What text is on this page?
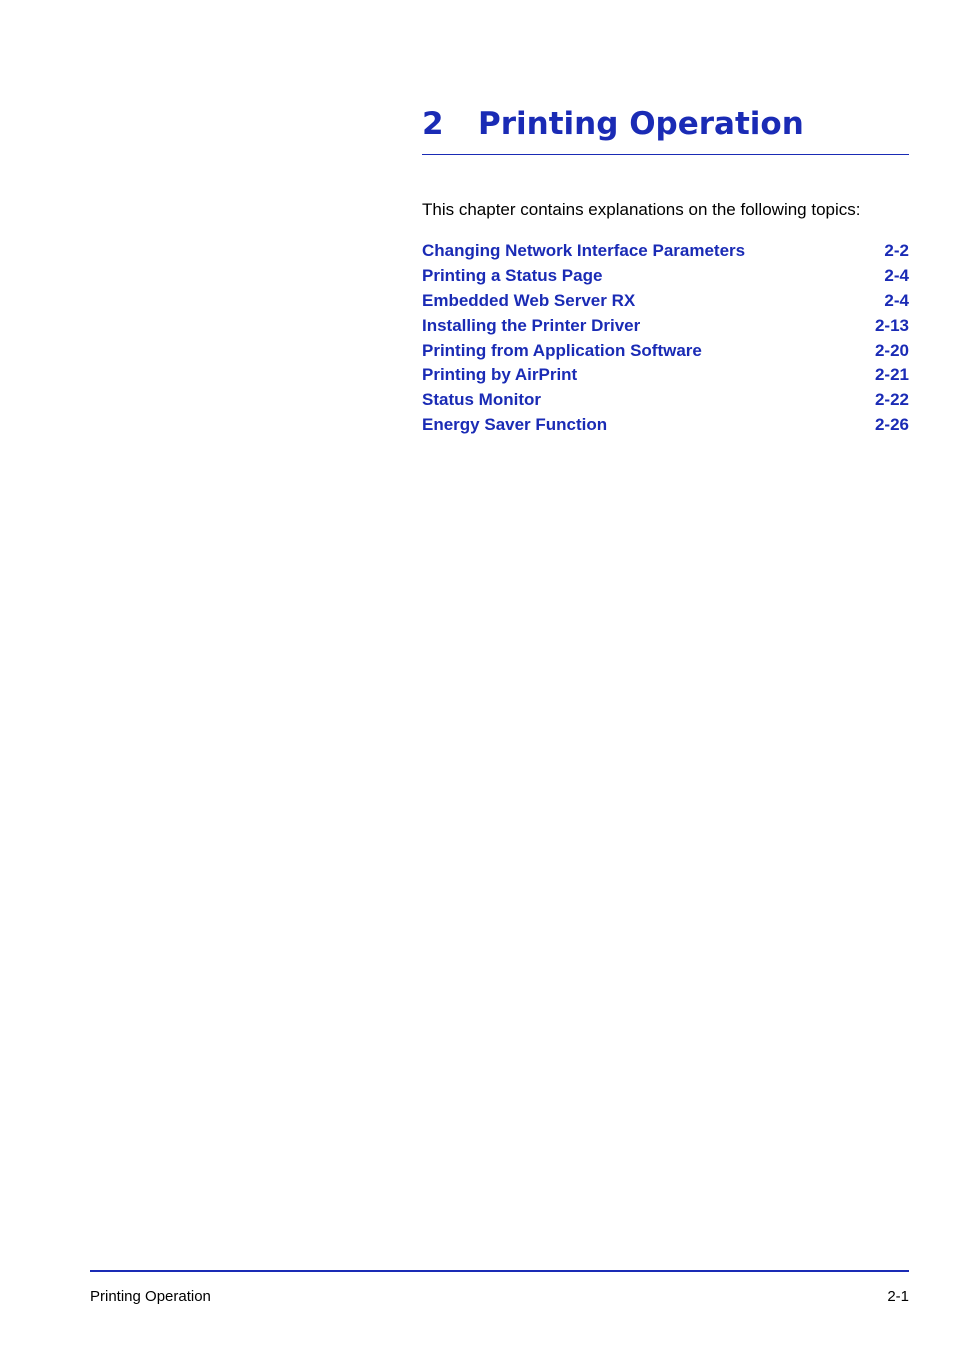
2 Printing Operation
This chapter contains explanations on the following topics:
Changing Network Interface Parameters	2-2
Printing a Status Page	2-4
Embedded Web Server RX	2-4
Installing the Printer Driver	2-13
Printing from Application Software	2-20
Printing by AirPrint	2-21
Status Monitor	2-22
Energy Saver Function	2-26
Printing Operation	2-1
